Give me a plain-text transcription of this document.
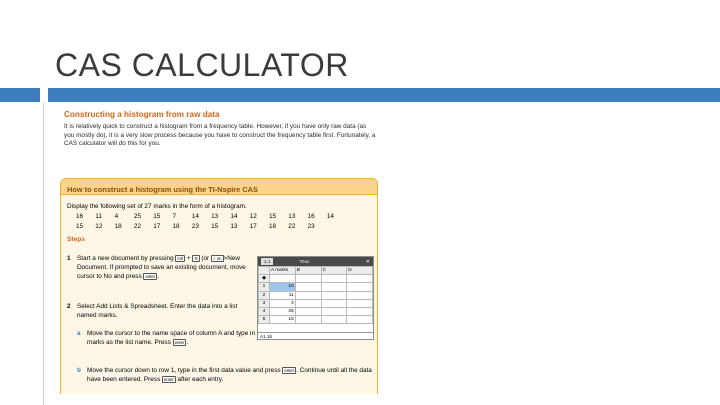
CAS CALCULATOR
Constructing a histogram from raw data
It is relatively quick to construct a histogram from a frequency table. However, if you have only raw data (as you mostly do), it is a very slow process because you have to construct the frequency table first. Fortunately, a CAS calculator will do this for you.
How to construct a histogram using the TI-Nspire CAS
Display the following set of 27 marks in the form of a histogram.
16	11	4	25	15	7	14	13	14	12	15	13	16	14
15	12	18	22	17	18	23	15	13	17	18	22	23
Steps
1 Start a new document by pressing ctrl + N (or ⌂ on >New Document. If prompted to save an existing document, move cursor to No and press enter .
2 Select Add Lists & Spreadsheet. Enter the data into a list named marks.
a Move the cursor to the name space of column A and type in marks as the list name. Press enter .
b Move the cursor down to row 1, type in the first data value and press enter . Continue until all the data have been entered. Press enter after each entry.
1.1	*Doc	✕
	A marks	B	C	D
◆				
1	16			
2	11			
3	4			
4	25			
5	15			
A1 16
